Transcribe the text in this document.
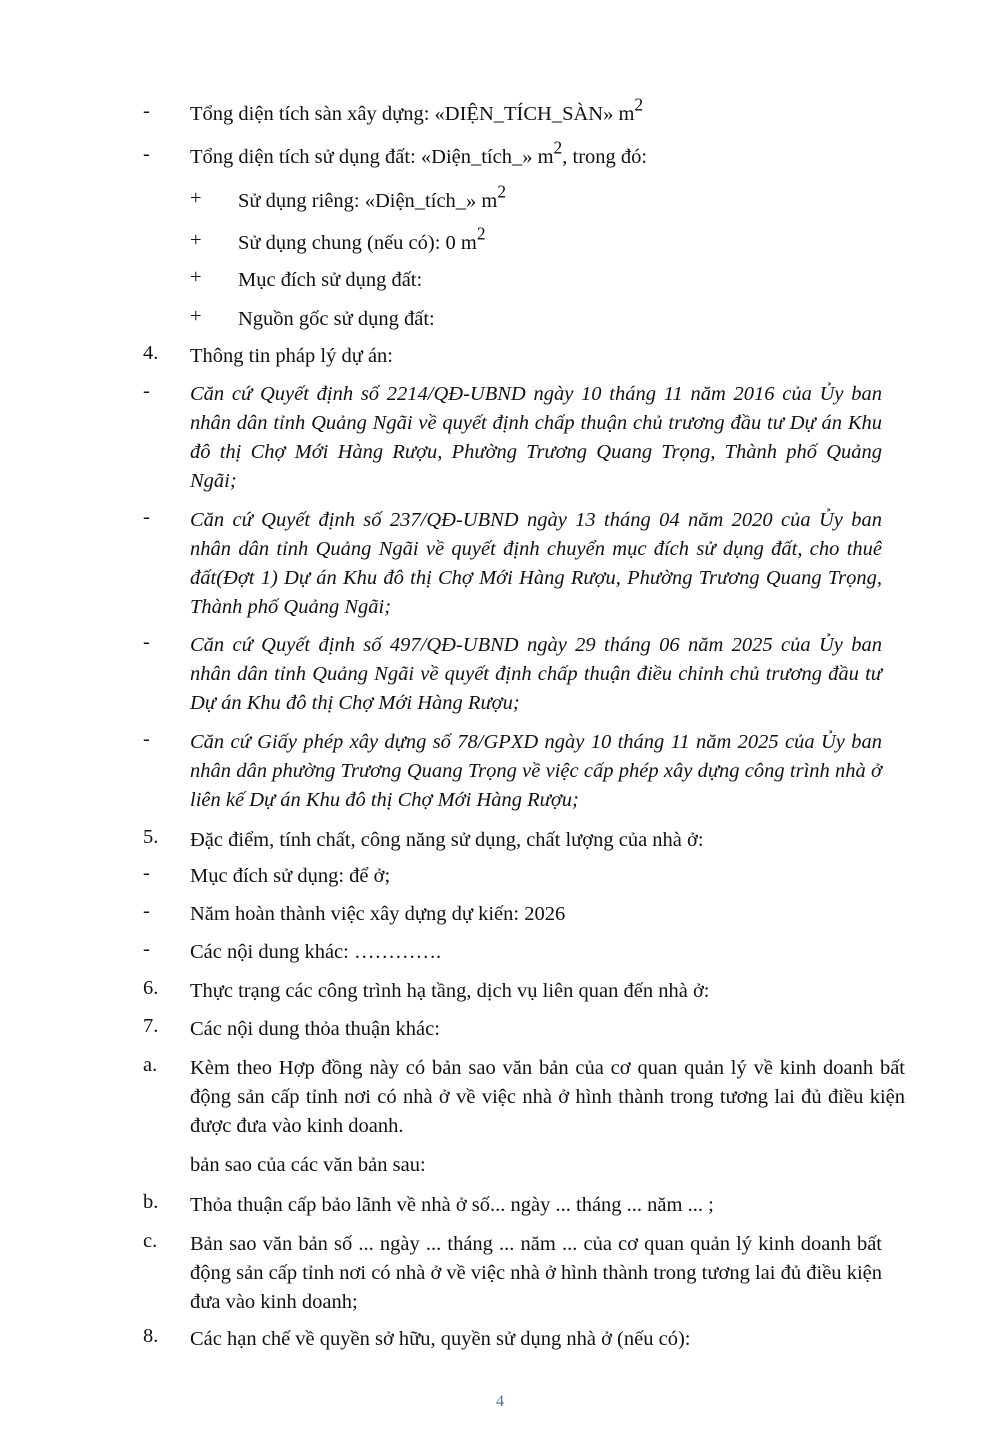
- Tổng diện tích sàn xây dựng: «DIỆN_TÍCH_SÀN» $m^2$
- Tổng diện tích sử dụng đất: «Diện_tích_» $m^2$, trong đó:
+ Sử dụng riêng: «Diện_tích_» $m^2$
+ Sử dụng chung (nếu có): 0 $m^2$
+ Mục đích sử dụng đất:
+ Nguồn gốc sử dụng đất:
4. Thông tin pháp lý dự án:
- Căn cứ Quyết định số 2214/QĐ-UBND ngày 10 tháng 11 năm 2016 của Ủy ban nhân dân tỉnh Quảng Ngãi về quyết định chấp thuận chủ trương đầu tư Dự án Khu đô thị Chợ Mới Hàng Rượu, Phường Trương Quang Trọng, Thành phố Quảng Ngãi;
- Căn cứ Quyết định số 237/QĐ-UBND ngày 13 tháng 04 năm 2020 của Ủy ban nhân dân tỉnh Quảng Ngãi về quyết định chuyển mục đích sử dụng đất, cho thuê đất(Đợt 1) Dự án Khu đô thị Chợ Mới Hàng Rượu, Phường Trương Quang Trọng, Thành phố Quảng Ngãi;
- Căn cứ Quyết định số 497/QĐ-UBND ngày 29 tháng 06 năm 2025 của Ủy ban nhân dân tỉnh Quảng Ngãi về quyết định chấp thuận điều chỉnh chủ trương đầu tư Dự án Khu đô thị Chợ Mới Hàng Rượu;
- Căn cứ Giấy phép xây dựng số 78/GPXD ngày 10 tháng 11 năm 2025 của Ủy ban nhân dân phường Trương Quang Trọng về việc cấp phép xây dựng công trình nhà ở liên kế Dự án Khu đô thị Chợ Mới Hàng Rượu;
5. Đặc điểm, tính chất, công năng sử dụng, chất lượng của nhà ở:
- Mục đích sử dụng: để ở;
- Năm hoàn thành việc xây dựng dự kiến: 2026
- Các nội dung khác: ………….
6. Thực trạng các công trình hạ tầng, dịch vụ liên quan đến nhà ở:
7. Các nội dung thỏa thuận khác:
a. Kèm theo Hợp đồng này có bản sao văn bản của cơ quan quản lý về kinh doanh bất động sản cấp tỉnh nơi có nhà ở về việc nhà ở hình thành trong tương lai đủ điều kiện được đưa vào kinh doanh.
bản sao của các văn bản sau:
b. Thỏa thuận cấp bảo lãnh về nhà ở số... ngày ... tháng ... năm ... ;
c. Bản sao văn bản số ... ngày ... tháng ... năm ... của cơ quan quản lý kinh doanh bất động sản cấp tỉnh nơi có nhà ở về việc nhà ở hình thành trong tương lai đủ điều kiện đưa vào kinh doanh;
8. Các hạn chế về quyền sở hữu, quyền sử dụng nhà ở (nếu có):
4
